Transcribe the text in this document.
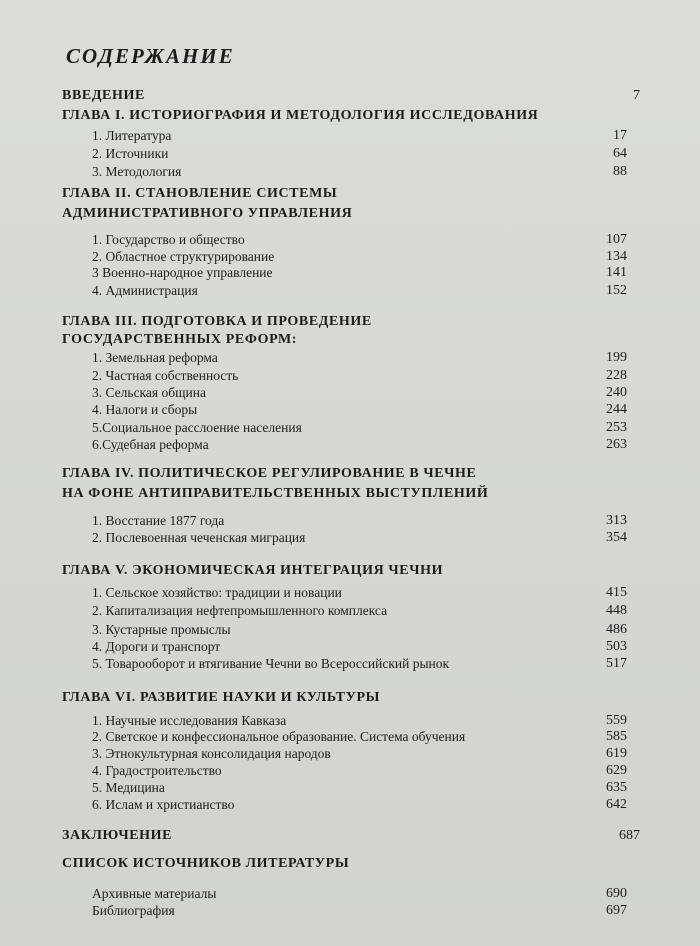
СОДЕРЖАНИЕ
ВВЕДЕНИЕ	7
ГЛАВА I. ИСТОРИОГРАФИЯ И МЕТОДОЛОГИЯ ИССЛЕДОВАНИЯ
1. Литература	17
2. Источники	64
3. Методология	88
ГЛАВА II. СТАНОВЛЕНИЕ СИСТЕМЫ
АДМИНИСТРАТИВНОГО УПРАВЛЕНИЯ
1. Государство и общество	107
2. Областное структурирование	134
3 Военно-народное управление	141
4. Администрация	152
ГЛАВА III. ПОДГОТОВКА И ПРОВЕДЕНИЕ
ГОСУДАРСТВЕННЫХ РЕФОРМ:
1. Земельная реформа	199
2. Частная собственность	228
3. Сельская община	240
4. Налоги и сборы	244
5.Социальное расслоение населения	253
6.Судебная реформа	263
ГЛАВА IV. ПОЛИТИЧЕСКОЕ РЕГУЛИРОВАНИЕ В ЧЕЧНЕ
НА ФОНЕ АНТИПРАВИТЕЛЬСТВЕННЫХ ВЫСТУПЛЕНИЙ
1. Восстание 1877 года	313
2. Послевоенная чеченская миграция	354
ГЛАВА V. ЭКОНОМИЧЕСКАЯ ИНТЕГРАЦИЯ ЧЕЧНИ
1. Сельское хозяйство: традиции и новации	415
2. Капитализация нефтепромышленного комплекса	448
3. Кустарные промыслы	486
4. Дороги и транспорт	503
5. Товарооборот и втягивание Чечни во Всероссийский рынок	517
ГЛАВА VI. РАЗВИТИЕ НАУКИ И КУЛЬТУРЫ
1. Научные исследования Кавказа	559
2. Светское и конфессиональное образование. Система обучения	585
3. Этнокультурная консолидация народов	619
4. Градостроительство	629
5. Медицина	635
6. Ислам и христианство	642
ЗАКЛЮЧЕНИЕ	687
СПИСОК ИСТОЧНИКОВ ЛИТЕРАТУРЫ
Архивные материалы	690
Библиография	697
